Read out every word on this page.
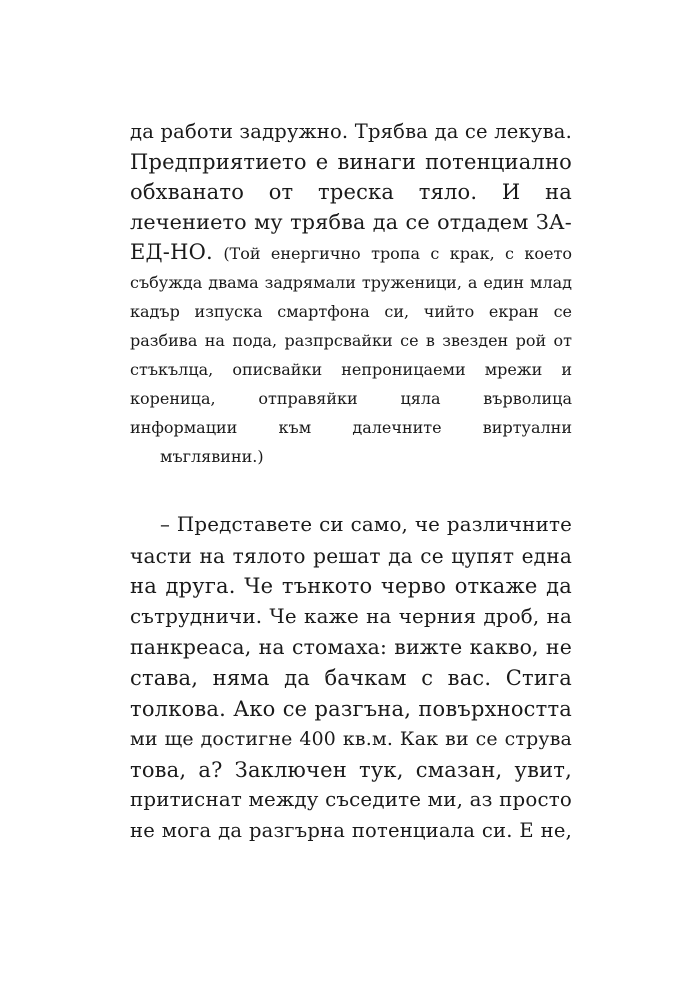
да работи задружно. Трябва да се лекува.
Предприятието е винаги потенциално
обхванато от треска тяло. И на
лечението му трябва да се отдадем ЗА-
ЕД-НО. (Той енергично тропа с крак, с което
събужда двама задрямали труженици, а един млад
кадър изпуска смартфона си, чийто екран се
разбива на пода, разпрсвайки се в звезден рой от
стъкълца, описвайки непроницаеми мрежи и
кореница, отправяйки цяла върволица
информации към далечните виртуални
мъглявини.)
– Представете си само, че различните
части на тялото решат да се цупят една
на друга. Че тънкото черво откаже да
сътрудничи. Че каже на черния дроб, на
панкреаса, на стомаха: вижте какво, не
става, няма да бачкам с вас. Стига
толкова. Ако се разгъна, повърхността
ми ще достигне 400 кв.м. Как ви се струва
това, а? Заключен тук, смазан, увит,
притиснат между съседите ми, аз просто
не мога да разгърна потенциала си. Е не,
